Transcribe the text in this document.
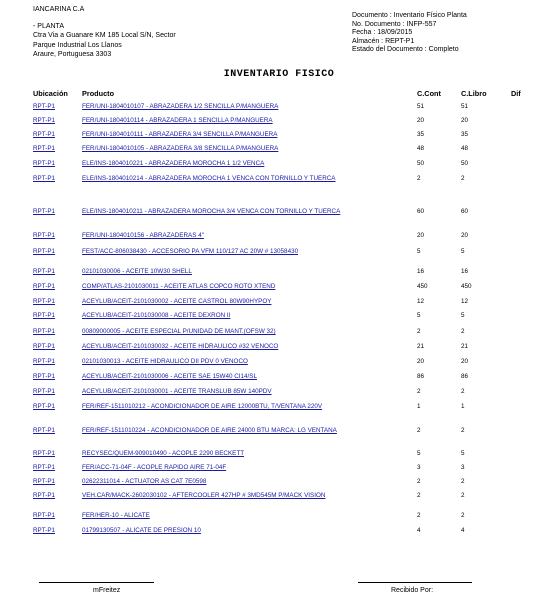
IANCARINA C.A
- PLANTA
Ctra Via a Guanare KM 185 Local S/N, Sector
Parque Industrial Los Llanos
Araure, Portuguesa 3303
Documento : Inventario Físico Planta
No. Documento : INFP-557
Fecha : 18/09/2015
Almacén : REPT-P1
Estado del Documento : Completo
INVENTARIO FISICO
Ubicación Producto	C.Cont	C.Libro	Dif
RPT-P1	FER/UNI-1804010107 - ABRAZADERA 1/2 SENCILLA P/MANGUERA	51	51
RPT-P1	FER/UNI-1804010114 - ABRAZADERA 1 SENCILLA P/MANGUERA	20	20
RPT-P1	FER/UNI-1804010111 - ABRAZADERA 3/4 SENCILLA P/MANGUERA	35	35
RPT-P1	FER/UNI-1804010105 - ABRAZADERA 3/8 SENCILLA P/MANGUERA	48	48
RPT-P1	ELE/INS-1804010221 - ABRAZADERA MOROCHA 1 1/2 VENCA	50	50
RPT-P1	ELE/INS-1804010214 - ABRAZADERA MOROCHA 1 VENCA CON TORNILLO Y TUERCA	2	2
RPT-P1	ELE/INS-1804010211 - ABRAZADERA MOROCHA 3/4 VENCA CON TORNILLO Y TUERCA	60	60
RPT-P1	FER/UNI-1804010156 - ABRAZADERAS 4"	20	20
RPT-P1	FEST/ACC-806038430 - ACCESORIO PA VFM 110/127 AC 20W # 13058430	5	5
RPT-P1	02101030006 - ACEITE 10W30 SHELL	16	16
RPT-P1	COMP/ATLAS-2101030011 - ACEITE ATLAS COPCO ROTO XTEND	450	450
RPT-P1	ACEYLUB/ACEIT-2101030002 - ACEITE CASTROL 80W90HYPOY	12	12
RPT-P1	ACEYLUB/ACEIT-2101030008 - ACEITE DEXRON II	5	5
RPT-P1	00809000005 - ACEITE ESPECIAL P/UNIDAD DE MANT.(OFSW 32)	2	2
RPT-P1	ACEYLUB/ACEIT-2101030032 - ACEITE HIDRAULICO #32 VENOCO	21	21
RPT-P1	02101030013 - ACEITE HIDRAULICO DII PDV 0 VENOCO	20	20
RPT-P1	ACEYLUB/ACEIT-2101030006 - ACEITE SAE 15W40 CI14/SL	86	86
RPT-P1	ACEYLUB/ACEIT-2101030001 - ACEITE TRANSLUB 85W 140PDV	2	2
RPT-P1	FER/REF-1511010212 - ACONDICIONADOR DE AIRE 12000BTU, T/VENTANA 220V	1	1
RPT-P1	FER/REF-1511010224 - ACONDICIONADOR DE AIRE 24000 BTU MARCA: LG VENTANA	2	2
RPT-P1	RECYSEC/QUEM-909010490 - ACOPLE 2290 BECKETT	5	5
RPT-P1	FER/ACC-71-04F - ACOPLE RAPIDO AIRE 71-04F	3	3
RPT-P1	02622311014 - ACTUATOR AS CAT 7E0598	2	2
RPT-P1	VEH.CAR/MACK-2602030102 - AFTERCOOLER 427HP # 3MD545M P/MACK VISION	2	2
RPT-P1	FER/HER-10 - ALICATE	2	2
RPT-P1	01799130507 - ALICATE DE PRESION 10	4	4
mFreitez	Recibido Por:
